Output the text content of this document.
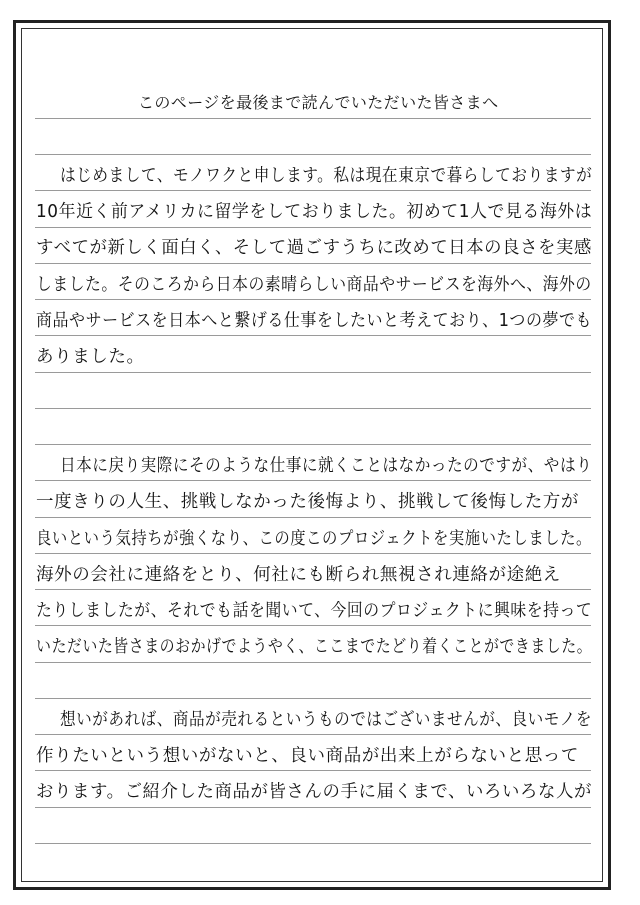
このページを最後まで読んでいただいた皆さまへ
はじめまして、モノワクと申します。私は現在東京で暮らしておりますが
10年近く前アメリカに留学をしておりました。初めて1人で見る海外は
すべてが新しく面白く、そして過ごすうちに改めて日本の良さを実感
しました。そのころから日本の素晴らしい商品やサービスを海外へ、海外の
商品やサービスを日本へと繋げる仕事をしたいと考えており、1つの夢でも
ありました。
日本に戻り実際にそのような仕事に就くことはなかったのですが、やはり
一度きりの人生、挑戦しなかった後悔より、挑戦して後悔した方が
良いという気持ちが強くなり、この度このプロジェクトを実施いたしました。
海外の会社に連絡をとり、何社にも断られ無視され連絡が途絶え
たりしましたが、それでも話を聞いて、今回のプロジェクトに興味を持って
いただいた皆さまのおかげでようやく、ここまでたどり着くことができました。
想いがあれば、商品が売れるというものではございませんが、良いモノを
作りたいという想いがないと、良い商品が出来上がらないと思って
おります。ご紹介した商品が皆さんの手に届くまで、いろいろな人が
